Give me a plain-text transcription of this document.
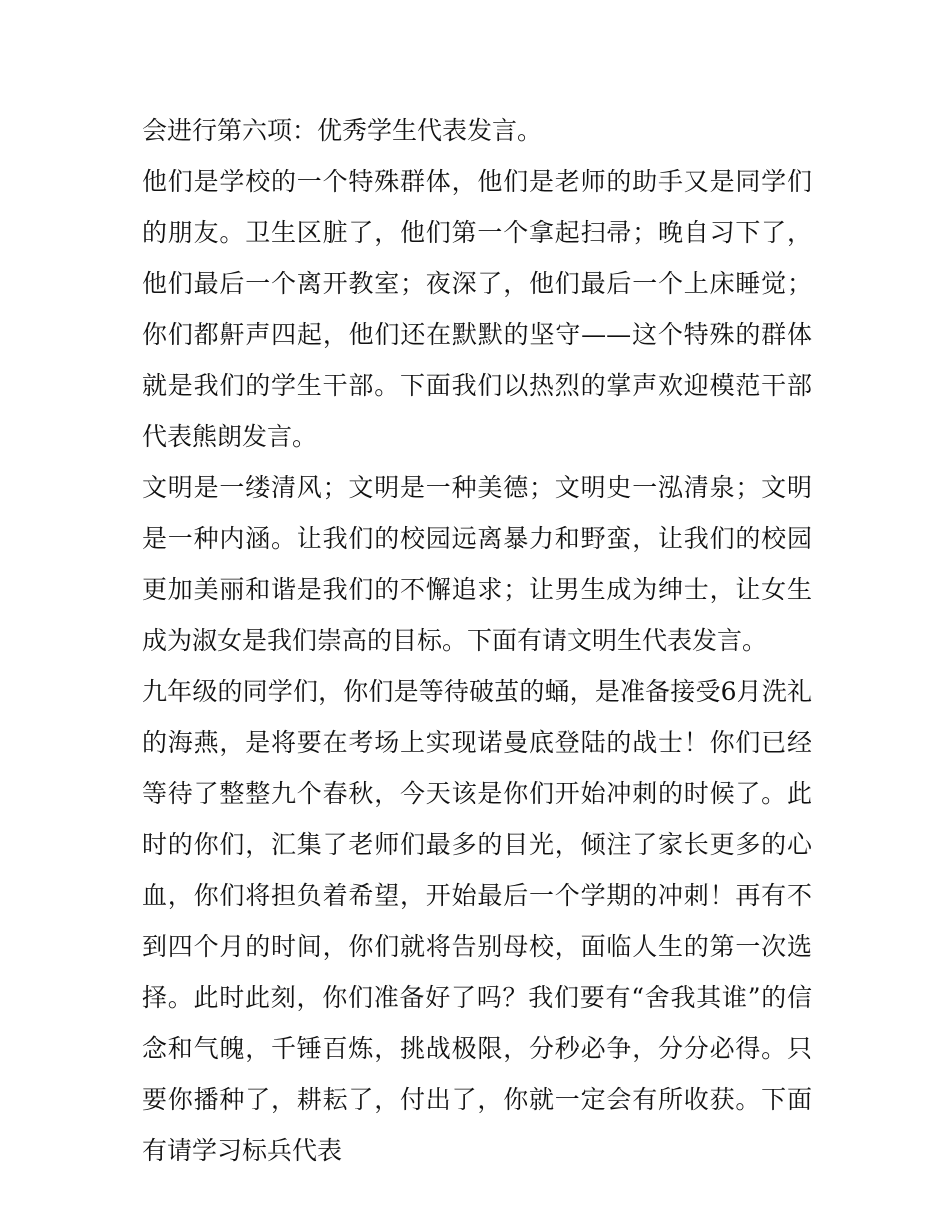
会进行第六项：优秀学生代表发言。

他们是学校的一个特殊群体，他们是老师的助手又是同学们的朋友。卫生区脏了，他们第一个拿起扫帚；晚自习下了，他们最后一个离开教室；夜深了，他们最后一个上床睡觉；你们都鼾声四起，他们还在默默的坚守——这个特殊的群体就是我们的学生干部。下面我们以热烈的掌声欢迎模范干部代表熊朗发言。

文明是一缕清风；文明是一种美德；文明史一泓清泉；文明是一种内涵。让我们的校园远离暴力和野蛮，让我们的校园更加美丽和谐是我们的不懈追求；让男生成为绅士，让女生成为淑女是我们崇高的目标。下面有请文明生代表发言。

九年级的同学们，你们是等待破茧的蛹，是准备接受6月洗礼的海燕，是将要在考场上实现诺曼底登陆的战士！你们已经等待了整整九个春秋，今天该是你们开始冲刺的时候了。此时的你们，汇集了老师们最多的目光，倾注了家长更多的心血，你们将担负着希望，开始最后一个学期的冲刺！再有不到四个月的时间，你们就将告别母校，面临人生的第一次选择。此时此刻，你们准备好了吗？我们要有“舍我其谁”的信念和气魄，千锤百炼，挑战极限，分秒必争，分分必得。只要你播种了，耕耘了，付出了，你就一定会有所收获。下面有请学习标兵代表
